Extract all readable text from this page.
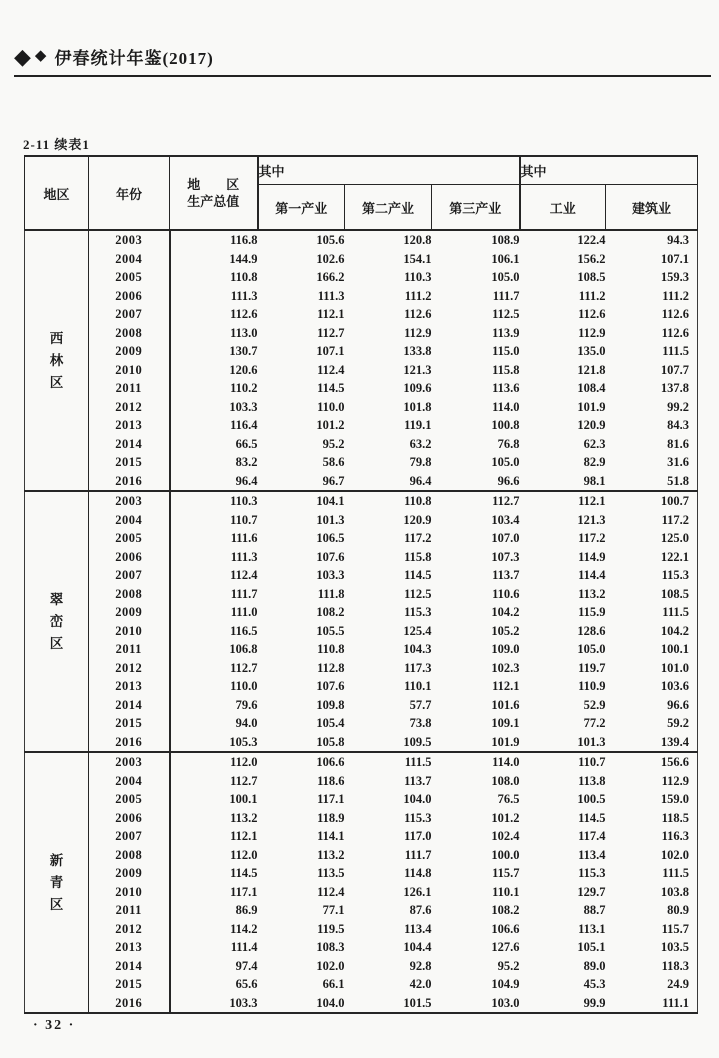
◆ ◆ 伊春统计年鉴(2017)
2-11 续表1
地区	年份	地　　区
生产总值	其中			其中	
			第一产业	第二产业	第三产业	工业	建筑业

西
林
区	2003	116.8	105.6	120.8	108.9	122.4	94.3
	2004	144.9	102.6	154.1	106.1	156.2	107.1
	2005	110.8	166.2	110.3	105.0	108.5	159.3
	2006	111.3	111.3	111.2	111.7	111.2	111.2
	2007	112.6	112.1	112.6	112.5	112.6	112.6
	2008	113.0	112.7	112.9	113.9	112.9	112.6
	2009	130.7	107.1	133.8	115.0	135.0	111.5
	2010	120.6	112.4	121.3	115.8	121.8	107.7
	2011	110.2	114.5	109.6	113.6	108.4	137.8
	2012	103.3	110.0	101.8	114.0	101.9	99.2
	2013	116.4	101.2	119.1	100.8	120.9	84.3
	2014	66.5	95.2	63.2	76.8	62.3	81.6
	2015	83.2	58.6	79.8	105.0	82.9	31.6
	2016	96.4	96.7	96.4	96.6	98.1	51.8

翠
峦
区	2003	110.3	104.1	110.8	112.7	112.1	100.7
	2004	110.7	101.3	120.9	103.4	121.3	117.2
	2005	111.6	106.5	117.2	107.0	117.2	125.0
	2006	111.3	107.6	115.8	107.3	114.9	122.1
	2007	112.4	103.3	114.5	113.7	114.4	115.3
	2008	111.7	111.8	112.5	110.6	113.2	108.5
	2009	111.0	108.2	115.3	104.2	115.9	111.5
	2010	116.5	105.5	125.4	105.2	128.6	104.2
	2011	106.8	110.8	104.3	109.0	105.0	100.1
	2012	112.7	112.8	117.3	102.3	119.7	101.0
	2013	110.0	107.6	110.1	112.1	110.9	103.6
	2014	79.6	109.8	57.7	101.6	52.9	96.6
	2015	94.0	105.4	73.8	109.1	77.2	59.2
	2016	105.3	105.8	109.5	101.9	101.3	139.4

新
青
区	2003	112.0	106.6	111.5	114.0	110.7	156.6
	2004	112.7	118.6	113.7	108.0	113.8	112.9
	2005	100.1	117.1	104.0	76.5	100.5	159.0
	2006	113.2	118.9	115.3	101.2	114.5	118.5
	2007	112.1	114.1	117.0	102.4	117.4	116.3
	2008	112.0	113.2	111.7	100.0	113.4	102.0
	2009	114.5	113.5	114.8	115.7	115.3	111.5
	2010	117.1	112.4	126.1	110.1	129.7	103.8
	2011	86.9	77.1	87.6	108.2	88.7	80.9
	2012	114.2	119.5	113.4	106.6	113.1	115.7
	2013	111.4	108.3	104.4	127.6	105.1	103.5
	2014	97.4	102.0	92.8	95.2	89.0	118.3
	2015	65.6	66.1	42.0	104.9	45.3	24.9
	2016	103.3	104.0	101.5	103.0	99.9	111.1
· 32 ·
